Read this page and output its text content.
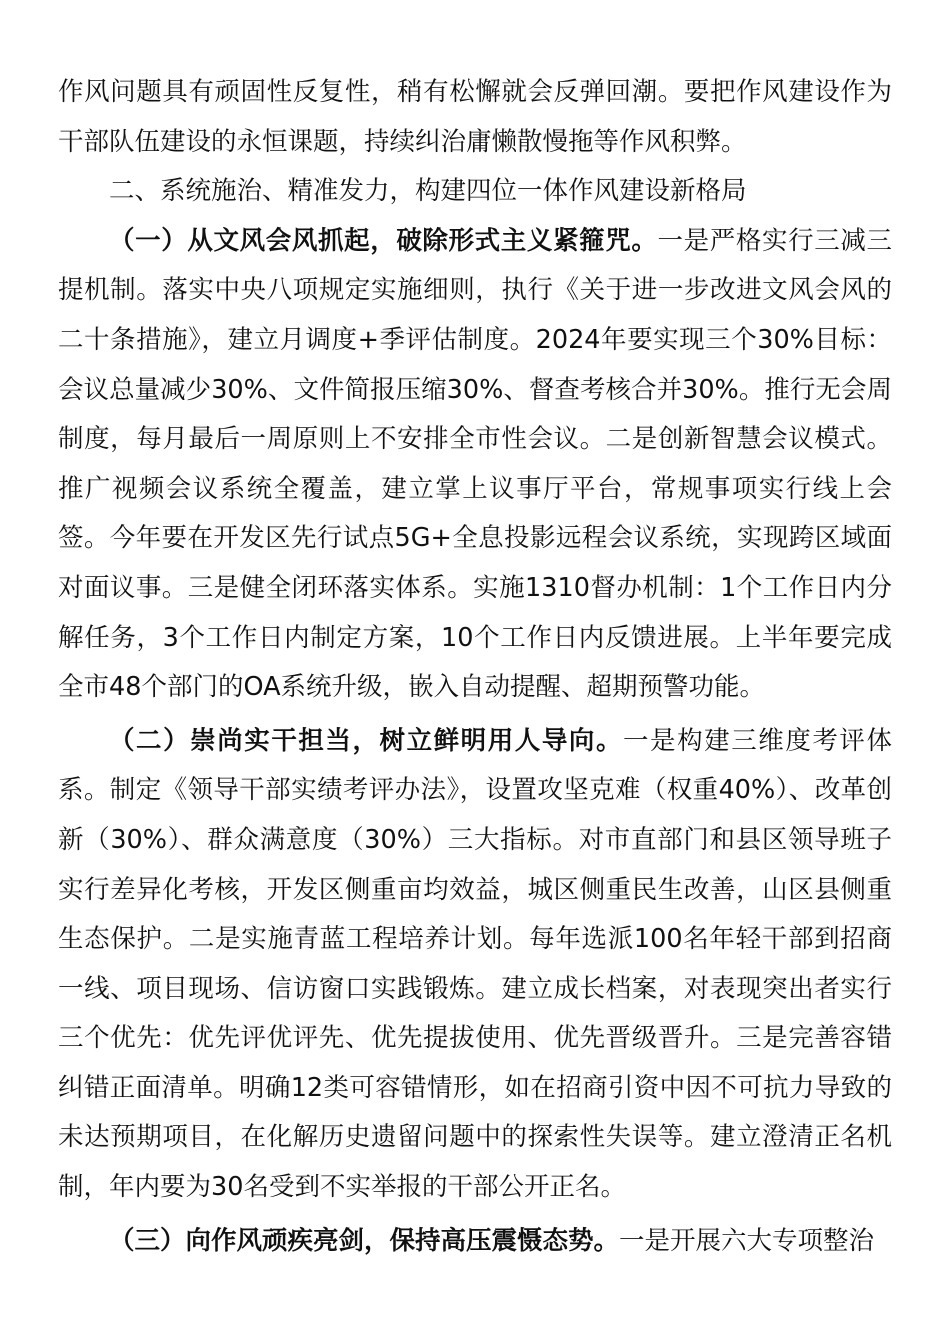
作风问题具有顽固性反复性，稍有松懈就会反弹回潮。要把作风建设作为干部队伍建设的永恒课题，持续纠治庸懒散慢拖等作风积弊。

二、系统施治、精准发力，构建四位一体作风建设新格局

（一）从文风会风抓起，破除形式主义紧箍咒。一是严格实行三减三提机制。落实中央八项规定实施细则，执行《关于进一步改进文风会风的二十条措施》，建立月调度+季评估制度。2024年要实现三个30%目标：会议总量减少30%、文件简报压缩30%、督查考核合并30%。推行无会周制度，每月最后一周原则上不安排全市性会议。二是创新智慧会议模式。推广视频会议系统全覆盖，建立掌上议事厅平台，常规事项实行线上会签。今年要在开发区先行试点5G+全息投影远程会议系统，实现跨区域面对面议事。三是健全闭环落实体系。实施1310督办机制：1个工作日内分解任务，3个工作日内制定方案，10个工作日内反馈进展。上半年要完成全市48个部门的OA系统升级，嵌入自动提醒、超期预警功能。

（二）崇尚实干担当，树立鲜明用人导向。一是构建三维度考评体系。制定《领导干部实绩考评办法》，设置攻坚克难（权重40%）、改革创新（30%）、群众满意度（30%）三大指标。对市直部门和县区领导班子实行差异化考核，开发区侧重亩均效益，城区侧重民生改善，山区县侧重生态保护。二是实施青蓝工程培养计划。每年选派100名年轻干部到招商一线、项目现场、信访窗口实践锻炼。建立成长档案，对表现突出者实行三个优先：优先评优评先、优先提拔使用、优先晋级晋升。三是完善容错纠错正面清单。明确12类可容错情形，如在招商引资中因不可抗力导致的未达预期项目，在化解历史遗留问题中的探索性失误等。建立澄清正名机制，年内要为30名受到不实举报的干部公开正名。

（三）向作风顽疾亮剑，保持高压震慑态势。一是开展六大专项整治
